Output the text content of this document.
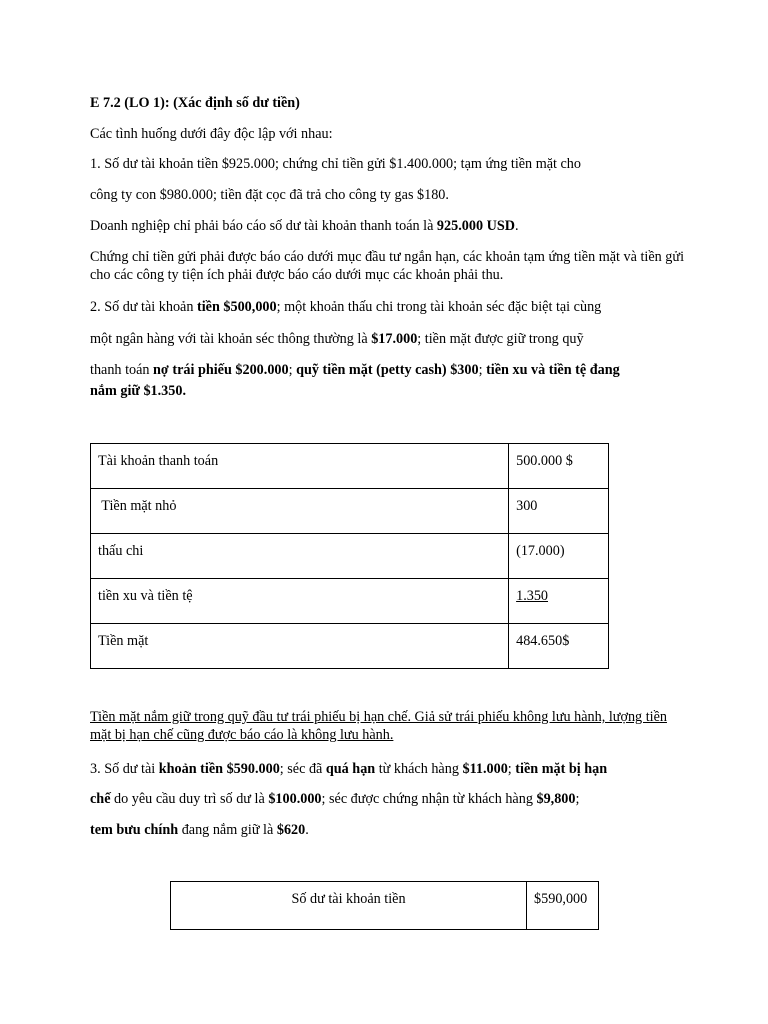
E 7.2 (LO 1): (Xác định số dư tiền)

Các tình huống dưới đây độc lập với nhau:

1. Số dư tài khoản tiền $925.000; chứng chỉ tiền gửi $1.400.000; tạm ứng tiền mặt cho

công ty con $980.000; tiền đặt cọc đã trả cho công ty gas $180.

Doanh nghiệp chỉ phải báo cáo số dư tài khoản thanh toán là 925.000 USD.

Chứng chỉ tiền gửi phải được báo cáo dưới mục đầu tư ngắn hạn, các khoản tạm ứng tiền mặt và tiền gửi cho các công ty tiện ích phải được báo cáo dưới mục các khoản phải thu.

2. Số dư tài khoản tiền $500,000; một khoản thấu chi trong tài khoản séc đặc biệt tại cùng

một ngân hàng với tài khoản séc thông thường là $17.000; tiền mặt được giữ trong quỹ

thanh toán nợ trái phiếu $200.000; quỹ tiền mặt (petty cash) $300; tiền xu và tiền tệ đang

nắm giữ $1.350.

Tài khoản thanh toán	500.000 $
Tiền mặt nhỏ	300
thấu chi	(17.000)
tiền xu và tiền tệ	1.350
Tiền mặt	484.650$

Tiền mặt nắm giữ trong quỹ đầu tư trái phiếu bị hạn chế. Giả sử trái phiếu không lưu hành, lượng tiền mặt bị hạn chế cũng được báo cáo là không lưu hành.

3. Số dư tài khoản tiền $590.000; séc đã quá hạn từ khách hàng $11.000; tiền mặt bị hạn

chế do yêu cầu duy trì số dư là $100.000; séc được chứng nhận từ khách hàng $9,800;

tem bưu chính đang nắm giữ là $620.

Số dư tài khoản tiền	$590,000
